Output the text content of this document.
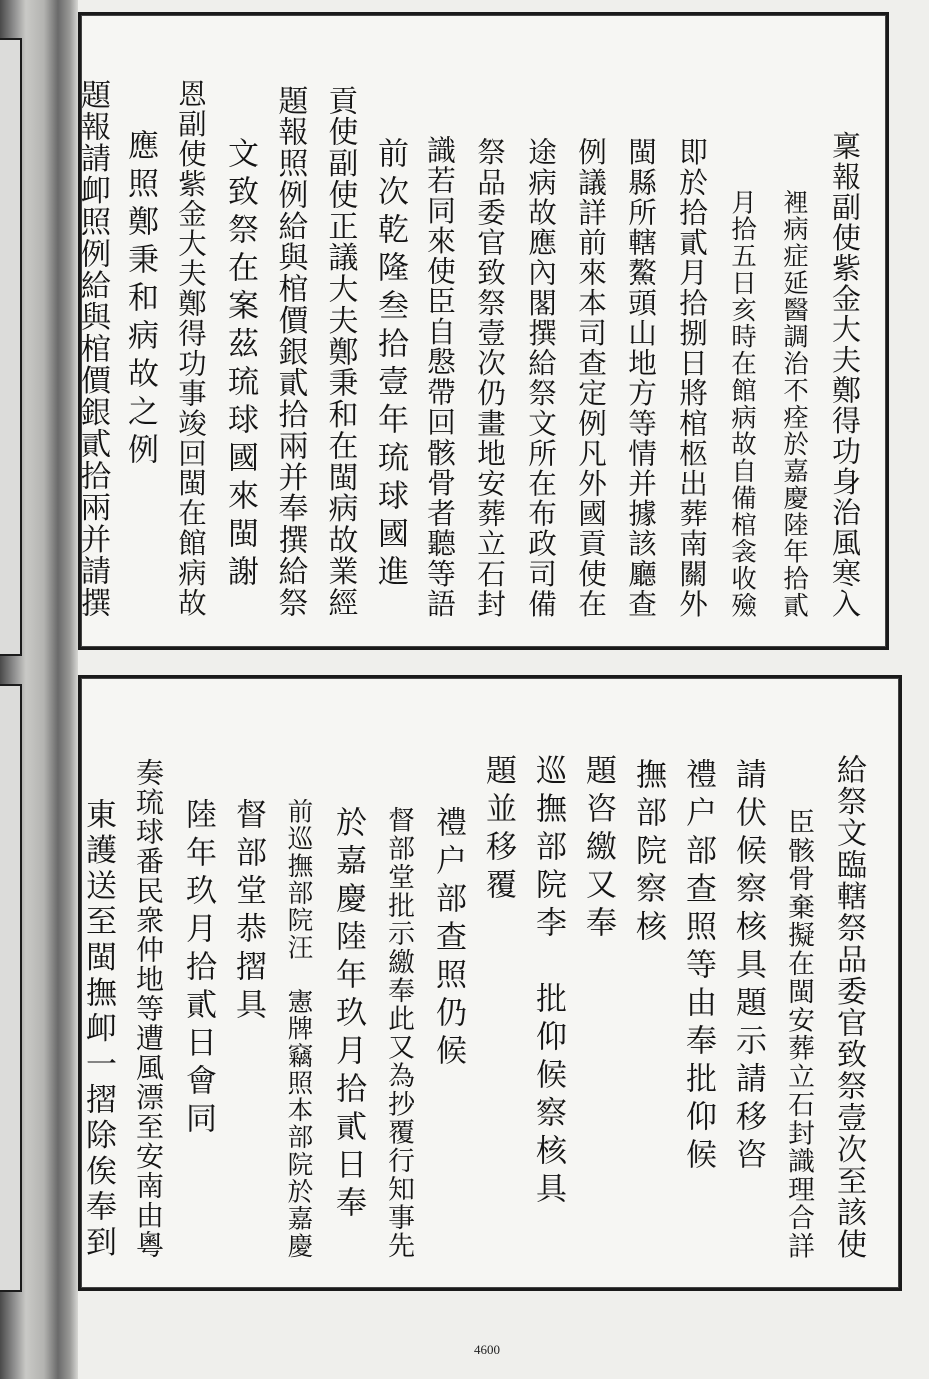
稟報副使紫金大夫鄭得功身治風寒入
裡病症延醫調治不痊於嘉慶陸年拾貳
月拾五日亥時在館病故自備棺衾收殮
即於拾貳月拾捌日將棺柩出葬南關外
閩縣所轄鰲頭山地方等情并據該廳查
例議詳前來本司查定例凡外國貢使在
途病故應內閣撰給祭文所在布政司備
祭品委官致祭壹次仍畫地安葬立石封
識若同來使臣自慇帶回骸骨者聽等語
前次乾隆叁拾壹年琉球國進
貢使副使正議大夫鄭秉和在閩病故業經
題報照例給與棺價銀貳拾兩并奉撰給祭
文致祭在案茲琉球國來閩謝
恩副使紫金大夫鄭得功事竣回閩在館病故
應照鄭秉和病故之例
題報請卹照例給與棺價銀貳拾兩并請撰
給祭文臨轄祭品委官致祭壹次至該使
臣骸骨棄擬在閩安葬立石封識理合詳
請伏候察核具題示請移咨
禮户部查照等由奉批仰候
撫部院察核
題咨繳又奉
巡撫部院李　批仰候察核具
題並移覆
禮户部查照仍候
督部堂批示繳奉此又為抄覆行知事先
於嘉慶陸年玖月拾貳日奉
前巡撫部院汪　憲牌竊照本部院於嘉慶
督部堂恭摺具
陸年玖月拾貳日會同
奏琉球番民衆仲地等遭風漂至安南由粵
東護送至閩撫卹一摺除俟奉到
4600
